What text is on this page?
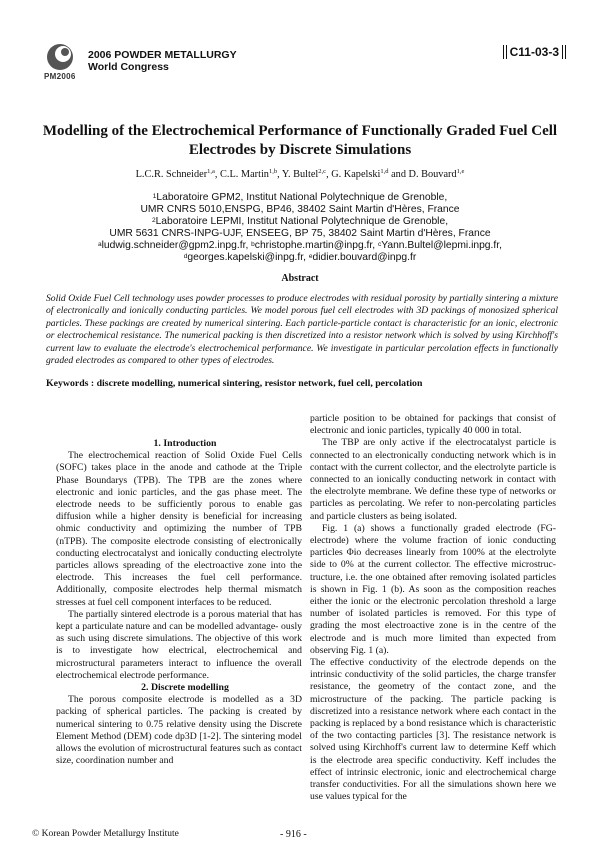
PM2006
2006 POWDER METALLURGY
World Congress
C11-03-3
Modelling of the Electrochemical Performance of Functionally Graded Fuel Cell Electrodes by Discrete Simulations
L.C.R. Schneider$^{1,a}$, C.L. Martin$^{1,b}$, Y. Bultel$^{2,c}$, G. Kapelski$^{1,d}$ and D. Bouvard$^{1,e}$
$^1$Laboratoire GPM2, Institut National Polytechnique de Grenoble,
UMR CNRS 5010,ENSPG, BP46, 38402 Saint Martin d'Hères, France
$^2$Laboratoire LEPMI, Institut National Polytechnique de Grenoble,
UMR 5631 CNRS-INPG-UJF, ENSEEG, BP 75, 38402 Saint Martin d'Hères, France
$^a$ludwig.schneider@gpm2.inpg.fr, $^b$christophe.martin@inpg.fr, $^c$Yann.Bultel@lepmi.inpg.fr,
$^d$georges.kapelski@inpg.fr, $^e$didier.bouvard@inpg.fr
Abstract
Solid Oxide Fuel Cell technology uses powder processes to produce electrodes with residual porosity by partially sintering a mixture of electronically and ionically conducting particles. We model porous fuel cell electrodes with 3D packings of monosized spherical particles. These packings are created by numerical sintering. Each particle-particle contact is characteristic for an ionic, electronic or electrochemical resistance. The numerical packing is then discretized into a resistor network which is solved by using Kirchhoff's current law to evaluate the electrode's electrochemical performance. We investigate in particular percolation effects in functionally graded electrodes as compared to other types of electrodes.
Keywords : discrete modelling, numerical sintering, resistor network, fuel cell, percolation

1. Introduction

The electrochemical reaction of Solid Oxide Fuel Cells (SOFC) takes place in the anode and cathode at the Triple Phase Boundarys (TPB). The TPB are the zones where electronic and ionic particles, and the gas phase meet. The electrode needs to be sufficiently porous to enable gas diffusion while a higher density is beneficial for increasing ohmic conductivity and optimizing the number of TPB (nTPB). The composite electrode consisting of electronically conducting electrocatalyst and ionically conducting electrolyte particles allows spreading of the electroactive zone into the electrode. This increases the fuel cell performance. Additionally, composite electrodes help thermal mismatch stresses at fuel cell component interfaces to be reduced.

The partially sintered electrode is a porous material that has kept a particulate nature and can be modelled advantage- ously as such using discrete simulations. The objective of this work is to investigate how electrical, electrochemical and microstructural parameters interact to influence the overall electrochemical electrode performance.

2. Discrete modelling

The porous composite electrode is modelled as a 3D packing of spherical particles. The packing is created by numerical sintering to 0.75 relative density using the Discrete Element Method (DEM) code dp3D [1-2]. The sintering model allows the evolution of microstructural features such as contact size, coordination number and

particle position to be obtained for packings that consist of electronic and ionic particles, typically 40 000 in total.

The TBP are only active if the electrocatalyst particle is connected to an electronically conducting network which is in contact with the current collector, and the electrolyte particle is connected to an ionically conducting network in contact with the electrolyte membrane. We define these type of networks or particles as percolating. We refer to non-percolating particles and particle clusters as being isolated.

Fig. 1 (a) shows a functionally graded electrode (FG-electrode) where the volume fraction of ionic conducting particles Φio decreases linearly from 100% at the electrolyte side to 0% at the current collector. The effective microstruc- tructure, i.e. the one obtained after removing isolated particles is shown in Fig. 1 (b). As soon as the composition reaches either the ionic or the electronic percolation threshold a large number of isolated particles is removed. For this type of grading the most electroactive zone is in the centre of the electrode and is much more limited than expected from observing Fig. 1 (a).

The effective conductivity of the electrode depends on the intrinsic conductivity of the solid particles, the charge transfer resistance, the geometry of the contact zone, and the microstructure of the packing. The particle packing is discretized into a resistance network where each contact in the packing is replaced by a bond resistance which is characteristic of the two contacting particles [3]. The resistance network is solved using Kirchhoff's current law to determine Keff which is the electrode area specific conductivity. Keff includes the effect of intrinsic electronic, ionic and electrochemical charge transfer conductivities. For all the simulations shown here we use values typical for the

© Korean Powder Metallurgy Institute	- 916 -
